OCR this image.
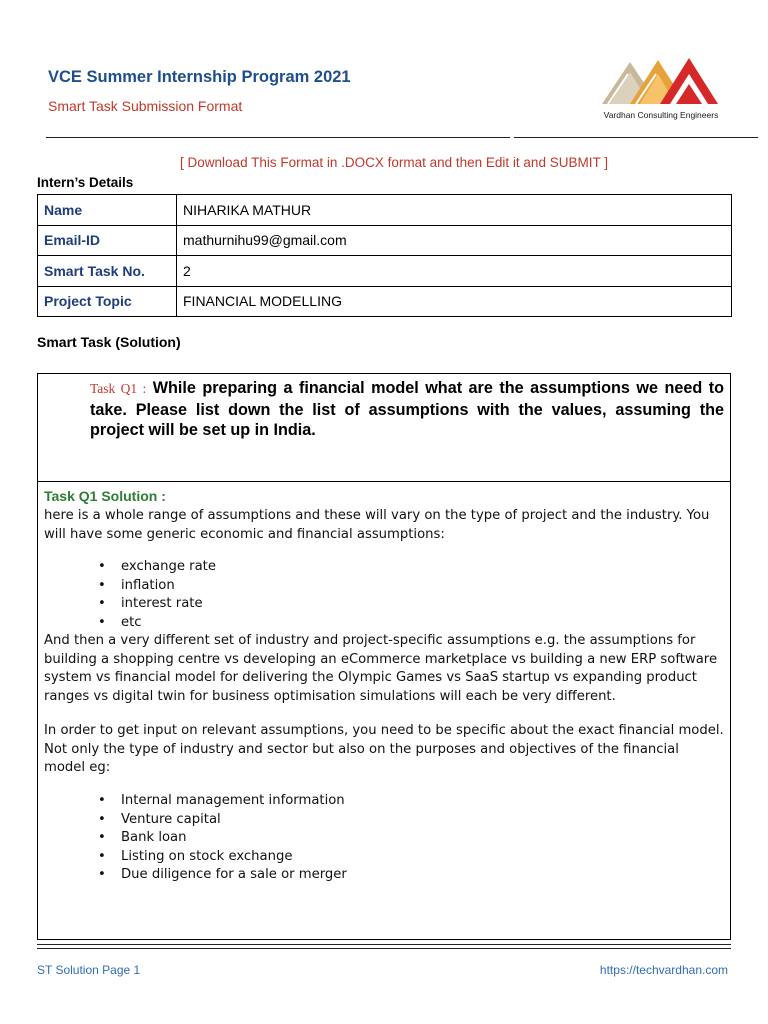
VCE Summer Internship Program 2021
Smart Task Submission Format
Vardhan Consulting Engineers
[ Download This Format in .DOCX format and then Edit it and SUBMIT ]
Intern’s Details
Name	NIHARIKA MATHUR
Email-ID	mathurnihu99@gmail.com
Smart Task No.	2
Project Topic	FINANCIAL MODELLING
Smart Task (Solution)
Task Q1 : While preparing a financial model what are the assumptions we need to take. Please list down the list of assumptions with the values, assuming the project will be set up in India.
Task Q1 Solution :
here is a whole range of assumptions and these will vary on the type of project and the industry. You will have some generic economic and financial assumptions:
• exchange rate
• inflation
• interest rate
• etc
And then a very different set of industry and project-specific assumptions e.g. the assumptions for building a shopping centre vs developing an eCommerce marketplace vs building a new ERP software system vs financial model for delivering the Olympic Games vs SaaS startup vs expanding product ranges vs digital twin for business optimisation simulations will each be very different.
In order to get input on relevant assumptions, you need to be specific about the exact financial model. Not only the type of industry and sector but also on the purposes and objectives of the financial model eg:
• Internal management information
• Venture capital
• Bank loan
• Listing on stock exchange
• Due diligence for a sale or merger
ST Solution Page 1	https://techvardhan.com
